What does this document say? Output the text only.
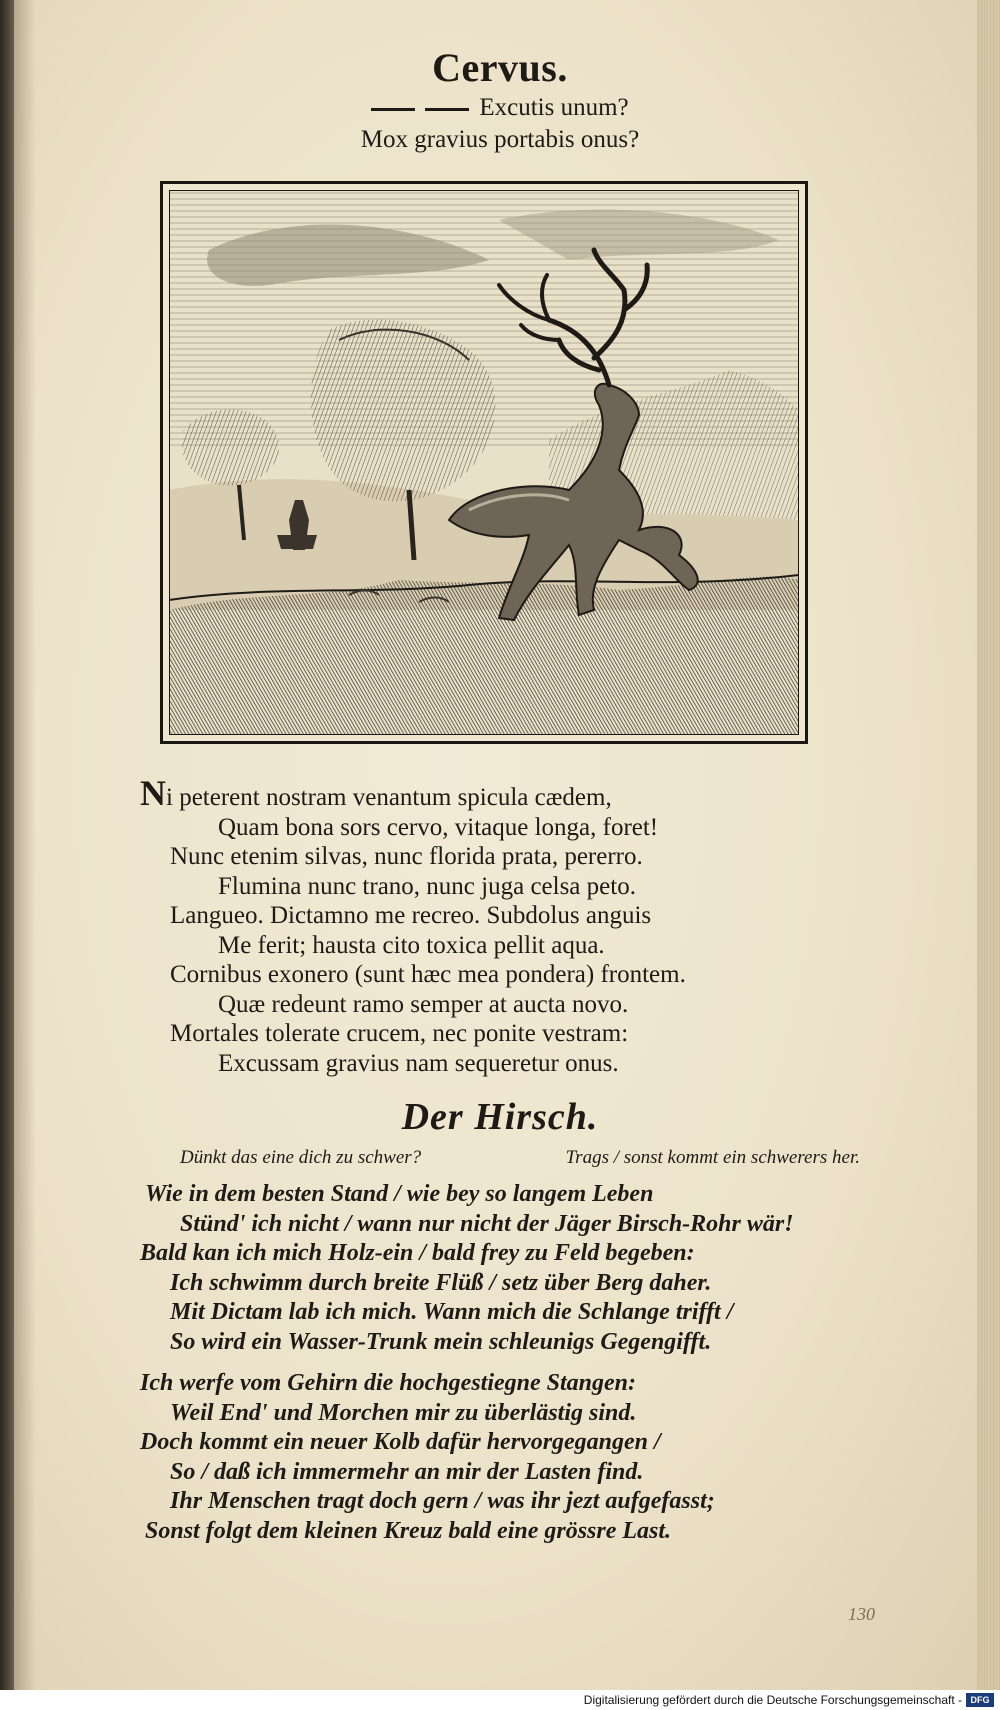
Cervus.
Excutis unum?
Mox gravius portabis onus?
Ni peterent nostram venantum spicula cædem,
Quam bona sors cervo, vitaque longa, foret!
Nunc etenim silvas, nunc florida prata, pererro.
Flumina nunc trano, nunc juga celsa peto.
Langueo. Dictamno me recreo. Subdolus anguis
Me ferit; hausta cito toxica pellit aqua.
Cornibus exonero (sunt hæc mea pondera) frontem.
Quæ redeunt ramo semper at aucta novo.
Mortales tolerate crucem, nec ponite vestram:
Excussam gravius nam sequeretur onus.
Der Hirsch.
Dünkt das eine dich zu schwer?	Trags / sonst kommt ein schwerers her.
Wie in dem besten Stand / wie bey so langem Leben
Stünd' ich nicht / wann nur nicht der Jäger Birsch-Rohr wär!
Bald kan ich mich Holz-ein / bald frey zu Feld begeben:
Ich schwimm durch breite Flüß / setz über Berg daher.
Mit Dictam lab ich mich. Wann mich die Schlange trifft /
So wird ein Wasser-Trunk mein schleunigs Gegengifft.
Ich werfe vom Gehirn die hochgestiegne Stangen:
Weil End' und Morchen mir zu überlästig sind.
Doch kommt ein neuer Kolb dafür hervorgegangen /
So / daß ich immermehr an mir der Lasten find.
Ihr Menschen tragt doch gern / was ihr jezt aufgefasst;
Sonst folgt dem kleinen Kreuz bald eine grössre Last.
130
Digitalisierung gefördert durch die Deutsche Forschungsgemeinschaft - DFG
